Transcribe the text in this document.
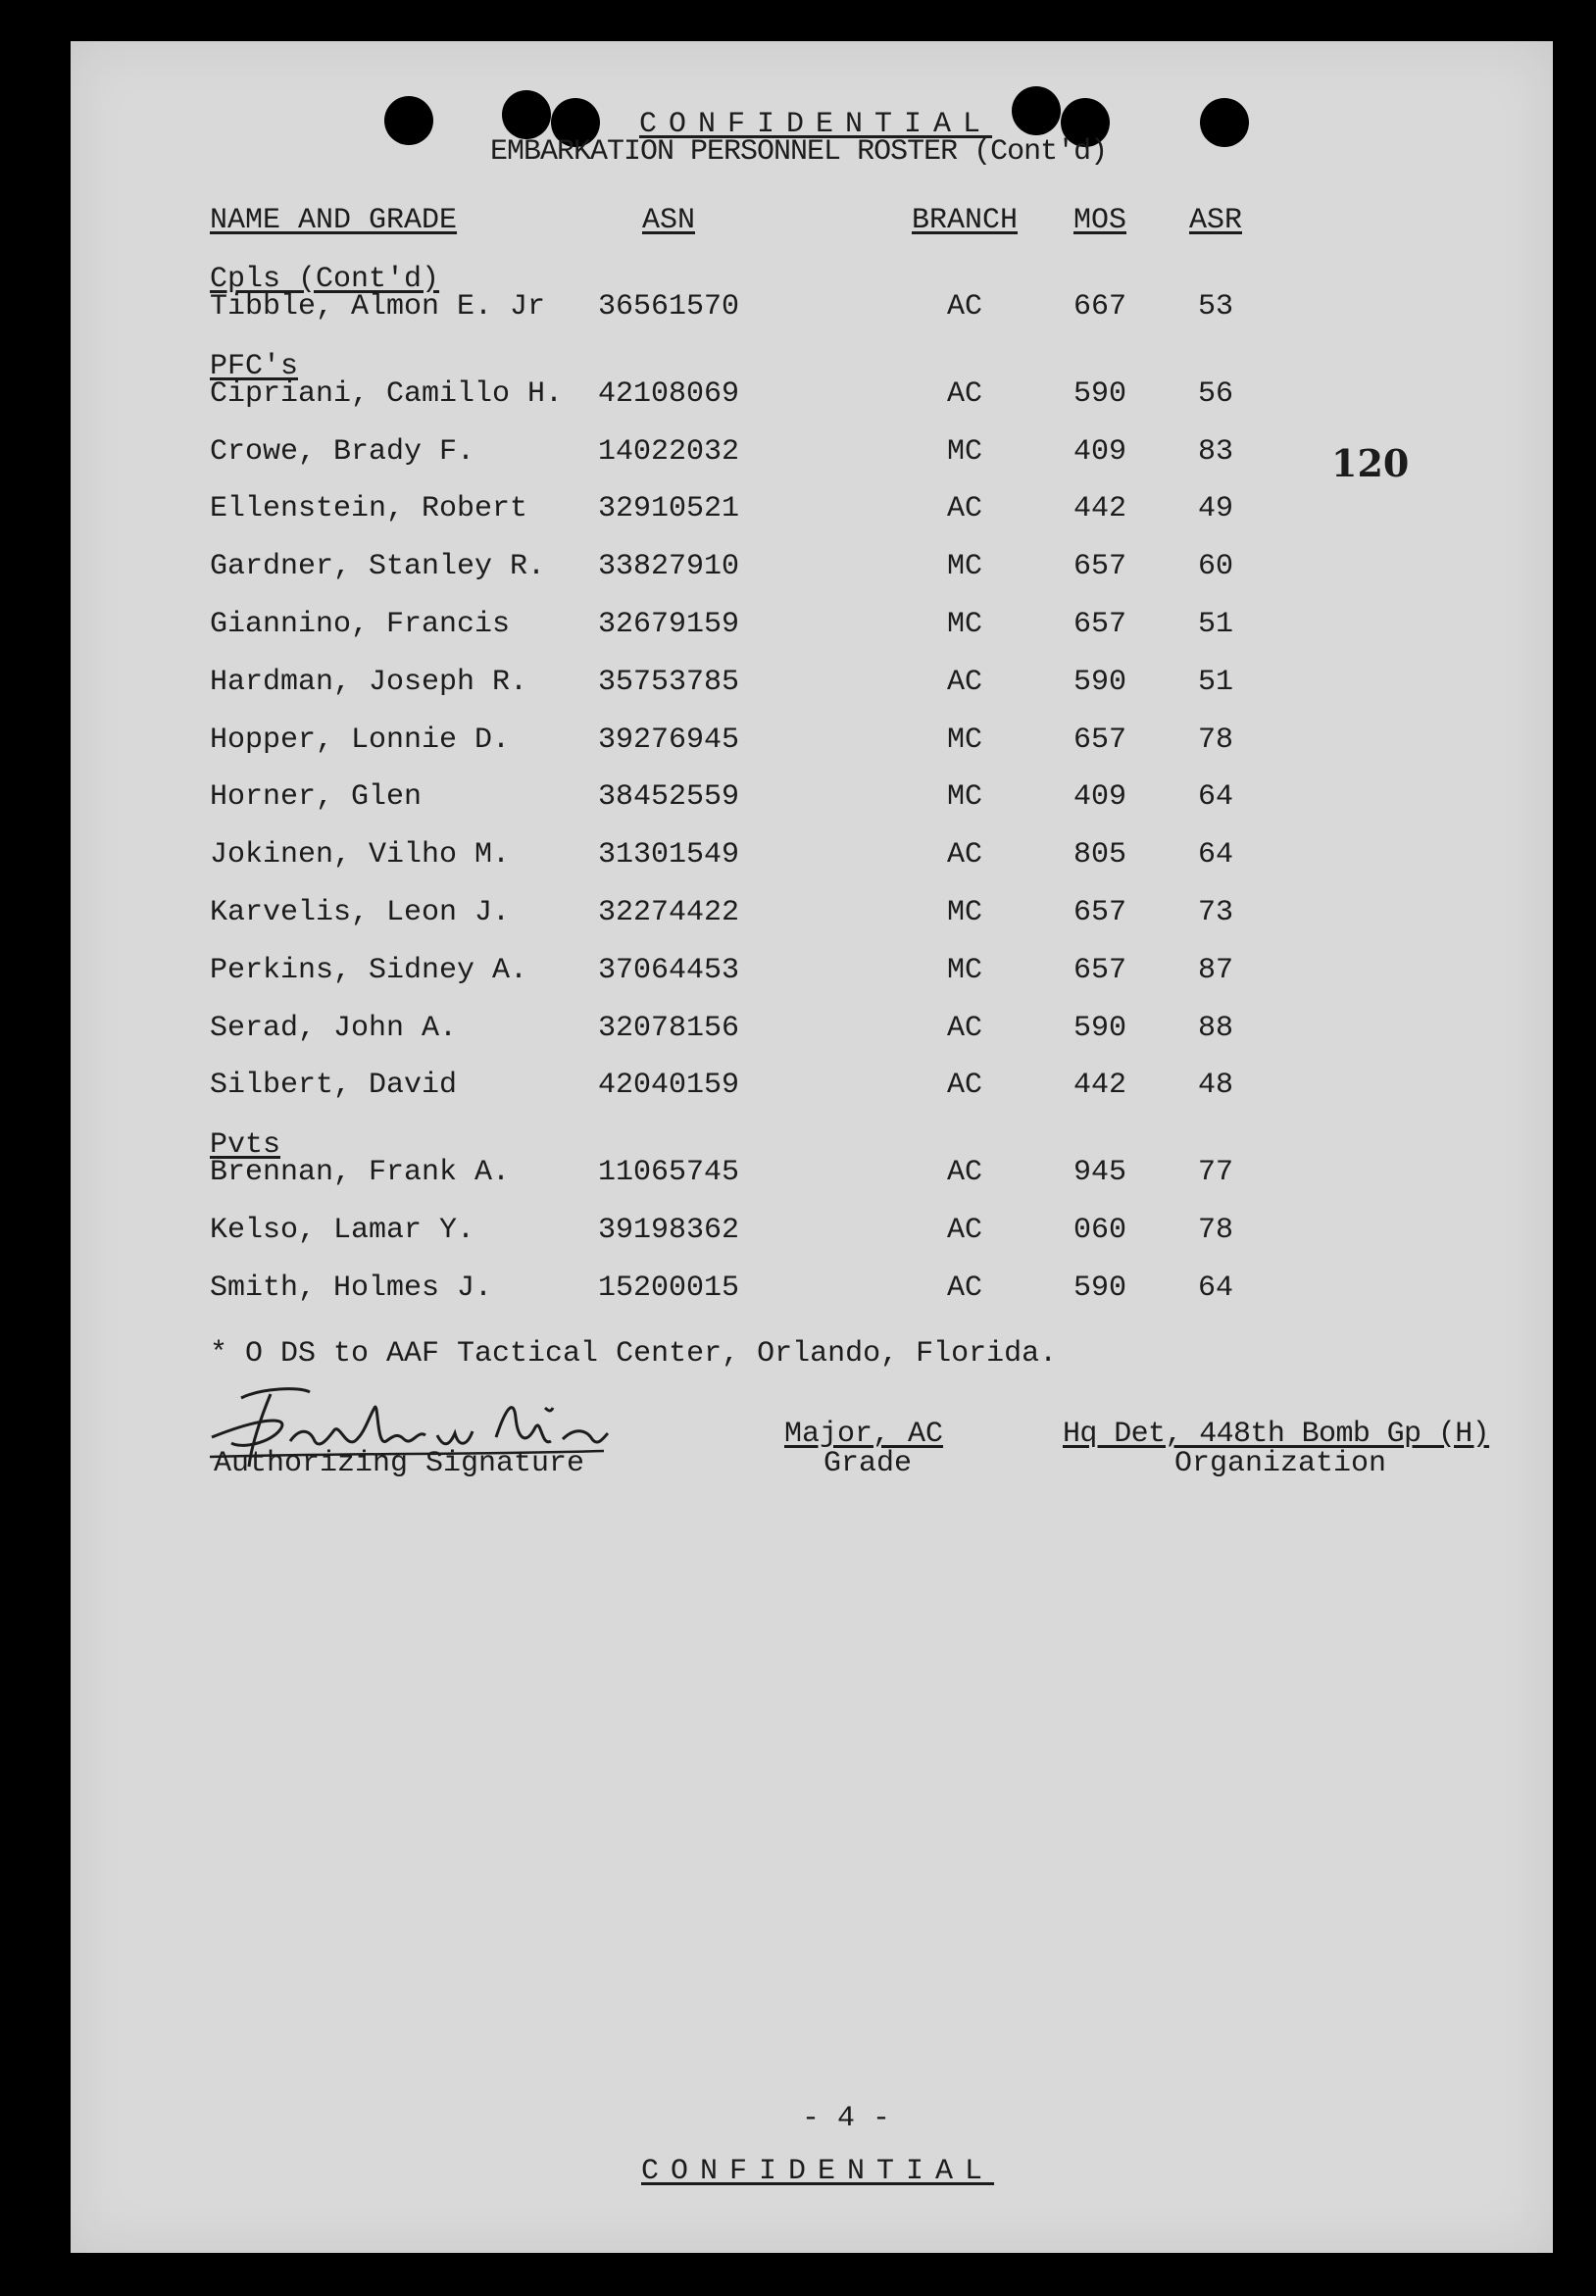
CONFIDENTIAL
EMBARKATION PERSONNEL ROSTER (Cont'd)
120
Authorizing Signature
Major, AC
Grade
Hq Det, 448th Bomb Gp (H)
Organization
- 4 -
CONFIDENTIAL
NAME AND GRADE	ASN	BRANCH	MOS	ASR
Cpls (Cont'd)
Tibble, Almon E. Jr	36561570	AC	667	53
PFC's
Cipriani, Camillo H.	42108069	AC	590	56
Crowe, Brady F.	14022032	MC	409	83
Ellenstein, Robert	32910521	AC	442	49
Gardner, Stanley R.	33827910	MC	657	60
Giannino, Francis	32679159	MC	657	51
Hardman, Joseph R.	35753785	AC	590	51
Hopper, Lonnie D.	39276945	MC	657	78
Horner, Glen	38452559	MC	409	64
Jokinen, Vilho M.	31301549	AC	805	64
Karvelis, Leon J.	32274422	MC	657	73
Perkins, Sidney A.	37064453	MC	657	87
Serad, John A.	32078156	AC	590	88
Silbert, David	42040159	AC	442	48
Pvts
Brennan, Frank A.	11065745	AC	945	77
Kelso, Lamar Y.	39198362	AC	060	78
Smith, Holmes J.	15200015	AC	590	64
* O DS to AAF Tactical Center, Orlando, Florida.
